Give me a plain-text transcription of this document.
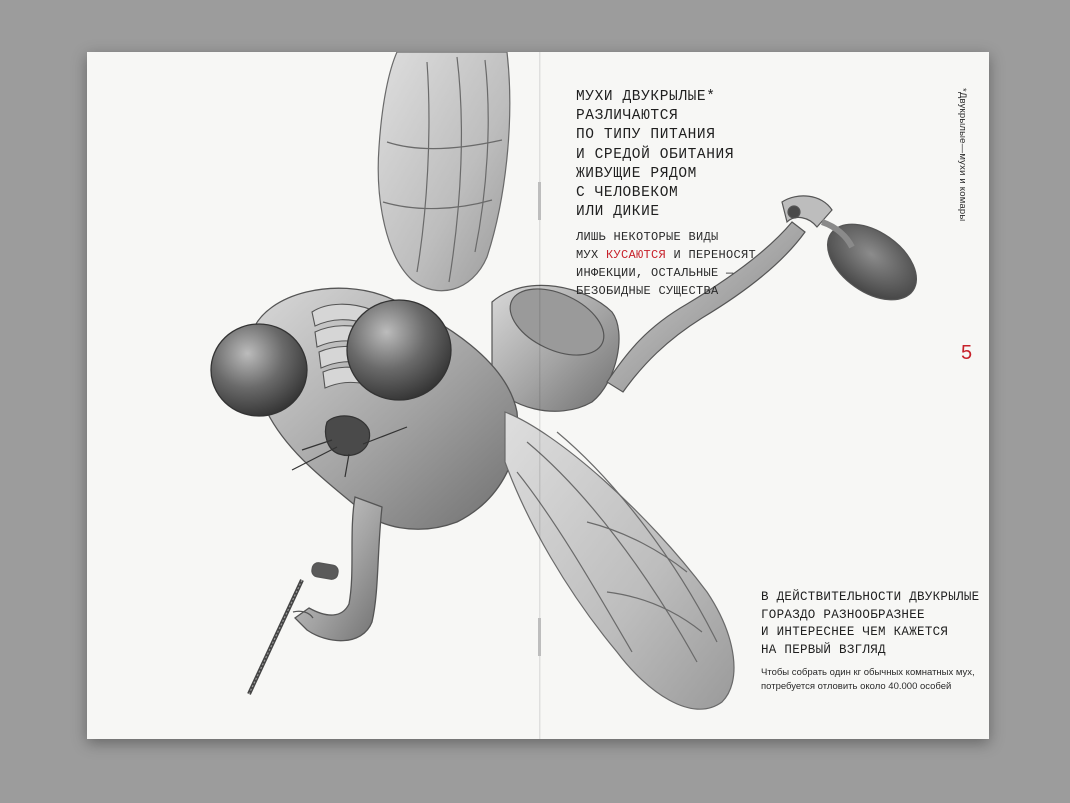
МУХИ ДВУКРЫЛЫЕ*
РАЗЛИЧАЮТСЯ
ПО ТИПУ ПИТАНИЯ
И СРЕДОЙ ОБИТАНИЯ
ЖИВУЩИЕ РЯДОМ
С ЧЕЛОВЕКОМ
ИЛИ ДИКИЕ
ЛИШЬ НЕКОТОРЫЕ ВИДЫ
МУХ КУСАЮТСЯ И ПЕРЕНОСЯТ
ИНФЕКЦИИ, ОСТАЛЬНЫЕ —
БЕЗОБИДНЫЕ СУЩЕСТВА
*Двукрылые—мухи и комары
5
В ДЕЙСТВИТЕЛЬНОСТИ ДВУКРЫЛЫЕ
ГОРАЗДО РАЗНООБРАЗНЕЕ
И ИНТЕРЕСНЕЕ ЧЕМ КАЖЕТСЯ
НА ПЕРВЫЙ ВЗГЛЯД
Чтобы собрать один кг обычных комнатных мух,
потребуется отловить около 40.000 особей
